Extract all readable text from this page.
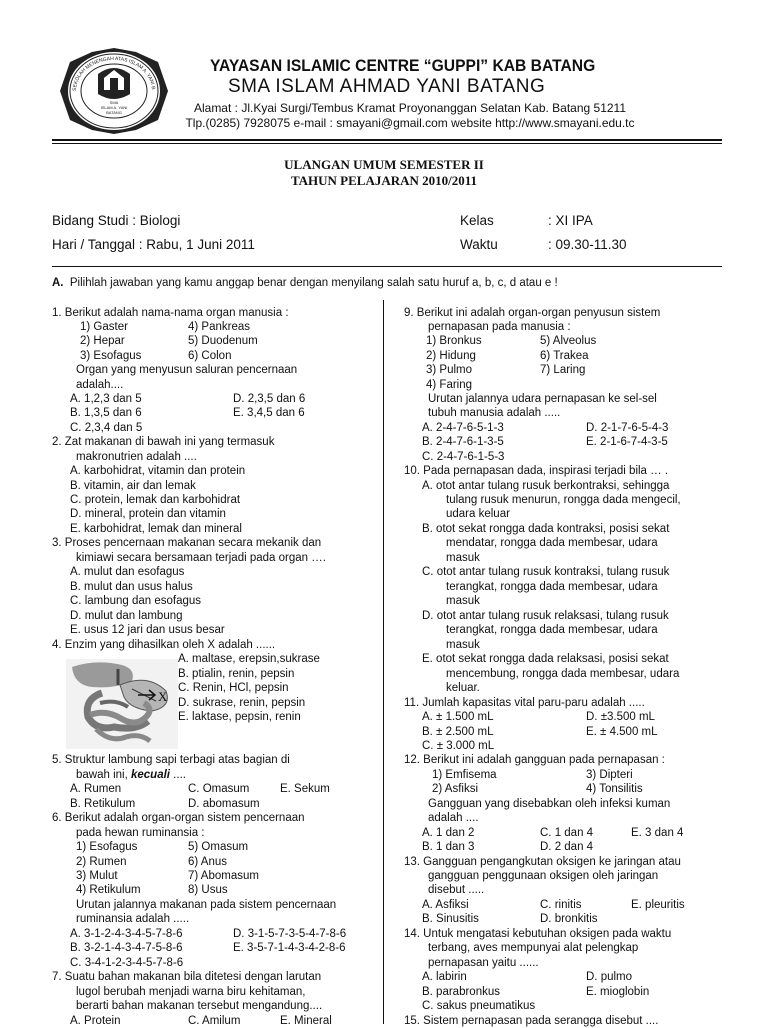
SMA
ISLAM A. YANI
BATANG
SEKOLAH MENENGAH ATAS ISLAM A. YANI B
YAYASAN ISLAMIC CENTRE “GUPPI” KAB BATANG
SMA ISLAM AHMAD YANI BATANG
Alamat : Jl.Kyai Surgi/Tembus Kramat Proyonanggan Selatan Kab. Batang 51211
Tlp.(0285) 7928075 e-mail : smayani@gmail.com website http://www.smayani.edu.tc
ULANGAN UMUM SEMESTER II
TAHUN PELAJARAN 2010/2011
Bidang Studi : Biologi
Hari / Tanggal : Rabu, 1 Juni 2011
Kelas	: XI IPA
Waktu	: 09.30-11.30
A. Pilihlah jawaban yang kamu anggap benar dengan menyilang salah satu huruf a, b, c, d atau e !
X
1. Berikut adalah nama-nama organ manusia :
1) Gaster	4) Pankreas
2) Hepar	5) Duodenum
3) Esofagus	6) Colon
Organ yang menyusun saluran pencernaan
adalah....
A. 1,2,3 dan 5	D. 2,3,5 dan 6
B. 1,3,5 dan 6	E. 3,4,5 dan 6
C. 2,3,4 dan 5
2. Zat makanan di bawah ini yang termasuk
makronutrien adalah ....
A. karbohidrat, vitamin dan protein
B. vitamin, air dan lemak
C. protein, lemak dan karbohidrat
D. mineral, protein dan vitamin
E. karbohidrat, lemak dan mineral
3. Proses pencernaan makanan secara mekanik dan
kimiawi secara bersamaan terjadi pada organ ….
A. mulut dan esofagus
B. mulut dan usus halus
C. lambung dan esofagus
D. mulut dan lambung
E. usus 12 jari dan usus besar
4. Enzim yang dihasilkan oleh X adalah ......
A. maltase, erepsin,sukrase
B. ptialin, renin, pepsin
C. Renin, HCl, pepsin
D. sukrase, renin, pepsin
E. laktase, pepsin, renin
5. Struktur lambung sapi terbagi atas bagian di
bawah ini, kecuali ....
A. Rumen	C. Omasum	E. Sekum
B. Retikulum	D. abomasum
6. Berikut adalah organ-organ sistem pencernaan
pada hewan ruminansia :
1) Esofagus	5) Omasum
2) Rumen	6) Anus
3) Mulut	7) Abomasum
4) Retikulum	8) Usus
Urutan jalannya makanan pada sistem pencernaan
ruminansia adalah .....
A. 3-1-2-4-3-4-5-7-8-6	D. 3-1-5-7-3-5-4-7-8-6
B. 3-2-1-4-3-4-7-5-8-6	E. 3-5-7-1-4-3-4-2-8-6
C. 3-4-1-2-3-4-5-7-8-6
7. Suatu bahan makanan bila ditetesi dengan larutan
lugol berubah menjadi warna biru kehitaman,
berarti bahan makanan tersebut mengandung....
A. Protein	C. Amilum	E. Mineral
9. Berikut ini adalah organ-organ penyusun sistem
pernapasan pada manusia :
1) Bronkus	5) Alveolus
2) Hidung	6) Trakea
3) Pulmo	7) Laring
4) Faring
Urutan jalannya udara pernapasan ke sel-sel
tubuh manusia adalah .....
A. 2-4-7-6-5-1-3	D. 2-1-7-6-5-4-3
B. 2-4-7-6-1-3-5	E. 2-1-6-7-4-3-5
C. 2-4-7-6-1-5-3
10. Pada pernapasan dada, inspirasi terjadi bila … .
A. otot antar tulang rusuk berkontraksi, sehingga
tulang rusuk menurun, rongga dada mengecil,
udara keluar
B. otot sekat rongga dada kontraksi, posisi sekat
mendatar, rongga dada membesar, udara
masuk
C. otot antar tulang rusuk kontraksi, tulang rusuk
terangkat, rongga dada membesar, udara
masuk
D. otot antar tulang rusuk relaksasi, tulang rusuk
terangkat, rongga dada membesar, udara
masuk
E. otot sekat rongga dada relaksasi, posisi sekat
mencembung, rongga dada membesar, udara
keluar.
11. Jumlah kapasitas vital paru-paru adalah .....
A. ± 1.500 mL	D. ±3.500 mL
B. ± 2.500 mL	E. ± 4.500 mL
C. ± 3.000 mL
12. Berikut ini adalah gangguan pada pernapasan :
1) Emfisema	3) Dipteri
2) Asfiksi	4) Tonsilitis
Gangguan yang disebabkan oleh infeksi kuman
adalah ....
A. 1 dan 2	C. 1 dan 4	E. 3 dan 4
B. 1 dan 3	D. 2 dan 4
13. Gangguan pengangkutan oksigen ke jaringan atau
gangguan penggunaan oksigen oleh jaringan
disebut .....
A. Asfiksi	C. rinitis	E. pleuritis
B. Sinusitis	D. bronkitis
14. Untuk mengatasi kebutuhan oksigen pada waktu
terbang, aves mempunyai alat pelengkap
pernapasan yaitu ......
A. labirin	D. pulmo
B. parabronkus	E. mioglobin
C. sakus pneumatikus
15. Sistem pernapasan pada serangga disebut ....
